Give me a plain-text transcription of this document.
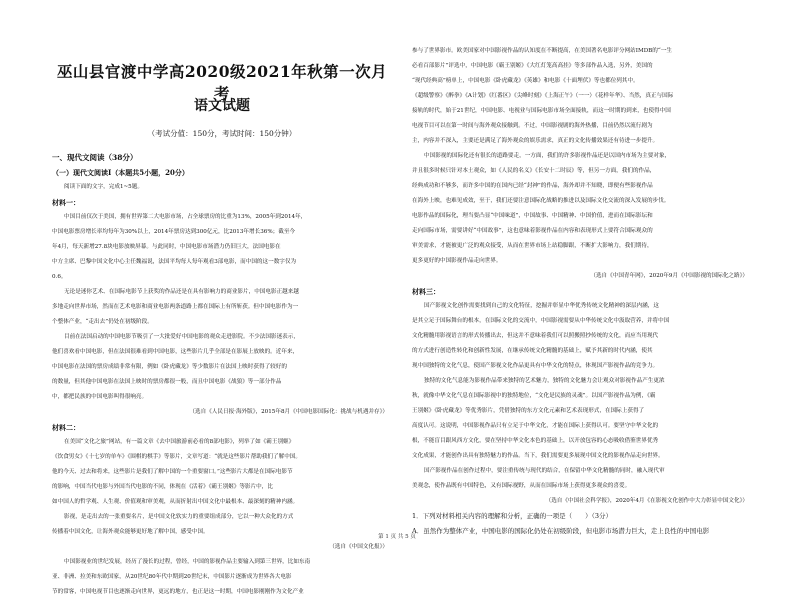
巫山县官渡中学高2020级2021年秋第一次月考
语文试题
（考试分值：150分，考试时间：150分钟）
一、现代文阅读（38分）
（一）现代文阅读Ⅰ（本题共5小题，20分）
阅读下面的文字，完成1~5题。
材料一：
中国目前仅次于美国，拥有世界第二大电影市场，占全球票房的比重为13%，2005年到2014年，
中国电影票房增长率均每年为30%以上，2014年票房达到300亿元，比2013年增长36%；截至今
年4月，每天新增27.8块电影放映屏幕。与此同时，中国电影市场潜力仍旧巨大，法国电影在
中方主席、巴黎中国文化中心主任魏福说，法国平均每人每年观看3部电影，而中国的这一数字仅为
0.6。
无论是迷你艺术、在国际电影节上获奖的作品还是在具有影响力的商业影片，中国电影正越来越
多地走向世界市场，然而在艺术电影和商业电影两条道路上都在国际上有所斩获。但中国电影作为一
个整体产业，“走出去”仍处在初级阶段。
目前在法国启动的中国电影节吸引了一大批爱好中国电影的观众走进影院。不少法国影迷表示，
他们喜欢看中国电影，但在法国很难看到中国电影，这些影片几乎全部是在影展上放映的。近年来，
中国电影在法国的票房成绩非常有限，例如《卧虎藏龙》等少数影片在法国上映时获得了较好的
的数量，但其他中国电影在法国上映时的票房都很一般，而且中国电影《战狼》等一部分作品
中，都把民族的中国电影叫得很响亮。
（选自《人民日报·海外版》，2015年8月《中国电影国际化：挑战与机遇并存》）
材料二：
在美国“文化之旅”网站，有一篇文章《去中国旅游前必看的8部电影》，列举了如《霸王别姬》
《饮食男女》《十七岁的单车》《围棋的棋手》等影片，文章写道：“就是这些影片帮助我们了解中国。
他的今天、过去和将来，这些影片是我们了解中国的一个重要窗口。”这些影片大都是在国际电影节
的影响，中国当代电影与外国当代电影的不同，体现在《活着》《霸王别姬》等影片中，比
如中国人的哲学观、人生观、价值观和审美观，从而折射出中国文化中最根本、最深刻的精神内涵。
影视，是走出去的一张重要名片，是中国文化软实力的重要组成部分，它以一种大众化的方式
传播着中国文化，让海外观众能够更好地了解中国，感受中国。
（选自《中国文化报》）
中国影视业的世纪发展，经历了漫长的过程，曾经，中国的影视作品主要输入到第三世界，比如东南
亚、非洲、拉美和东欧国家，从20世纪80年代中期到20世纪末，中国影片逐渐成为世界各大电影
节的常客，中国电视节目也逐渐走向世界，更远的地方，也正是这一时期，中国电影刚刚作为文化产业
参与了世界影市。欧美国家对中国影视作品的认知度在不断提高，在美国著名电影评分网站IMDB的“一生
必看百部影片”评选中，中国电影《霸王别姬》《大红灯笼高高挂》等多部作品入选，另外，美国的
“现代经典高”榜单上，中国电影《卧虎藏龙》《英雄》和电影《十面埋伏》等也都位列其中。
《超级警察》《醉拳》《A计划》《红番区》《尖峰时刻》《上海正午》（一一）《花样年华》、当然，真正与国际
接轨的时代，始于21世纪，中国电影、电视业与国际电影市场全面接轨，而这一时期的到来，也使得中国
电视节目可以在第一时间与海外观众接触到。不过，中国影视剧的海外热播，目前仍然以流行剧为
主，内容并不深入，主要还是满足了海外观众的娱乐需求，真正的文化传播效果还有待进一步提升。
中国影视的国际化还有很长的道路要走，一方面，我们的许多影视作品还是以国内市场为主要对象，
并且很多时候只针对本土观众，如《人民的名义》《长安十二时辰》等，但另一方面，我们的作品，
经典成功和不够多，而许多中国的在国内已经“封神”的作品，海外却并不知晓，即便有些影视作品
在海外上映，也难见成效，至于，我们还要注意国际化战略的推进以及国际文化交流的深入发展的步伐。
电影作品的国际化，理当要凸显“中国味道”，中国故事、中国精神、中国价值，进而在国际影坛和
走向国际市场，需要讲好“中国故事”，这也意味着影视作品在内容和表现形式上要符合国际观众的
审美需求，才能被更广泛的观众接受，从而在世界市场上站稳脚跟，不断扩大影响力，我们期待，
更多更好的中国影视作品走向世界。
（选自《中国青年网》，2020年9月《中国影视的国际化之路》）
材料三：
国产影视文化创作需要找到自己的文化特征，挖掘并彰显中华优秀传统文化精神的深层内涵，这
是其立足于国际舞台的根本，在国际文化的交流中，中国影视需要从中华传统文化中汲取营养，并将中国
文化精髓用影视语言的形式传播出去，但这并不意味着我们可以照搬照抄传统的文化，而应当用现代
的方式进行创造性转化和创新性发展，在继承传统文化精髓的基础上，赋予其新的时代内涵，使其
现中国独特的文化气息，使国产影视文化作品更具有中华文化的特点，体现国产影视作品的竞争力。
独特的文化气息能为影视作品带来独特的艺术魅力，独特的文化魅力会让观众对影视作品产生更浓
秋，就像中华文化气息在国际影视中的独特地位，“文化是民族的灵魂”。以国产影视作品为例，《霸
王别姬》《卧虎藏龙》等优秀影片，凭借独特的东方文化元素和艺术表现形式，在国际上获得了
高度认可。这说明，中国影视作品只有立足于中华文化，才能在国际上获得认可。要坚守中华文化的
根，不能盲目跟风西方文化，要在坚持中华文化本色的基础上，以开放包容的心态吸收借鉴世界优秀
文化成果，才能创作出具有独特魅力的作品。当下，我们需要更多展现中国文化的影视作品走向世界。
国产影视作品在创作过程中，要注重传统与现代的结合，在保留中华文化精髓的同时，融入现代审
美观念，使作品既有中国特色，又有国际视野，从而在国际市场上获得更多观众的喜爱。
（选自《中国社会科学报》，2020年4月《在影视文化创作中大力彰显中国文化》）
1．下列对材料相关内容的理解和分析，正确的一项是（　　）（3分）
A．虽然作为整体产业，中国电影的国际化仍处在初级阶段，但电影市场潜力巨大，走上良性的中国电影
第 1 页 共 5 页
